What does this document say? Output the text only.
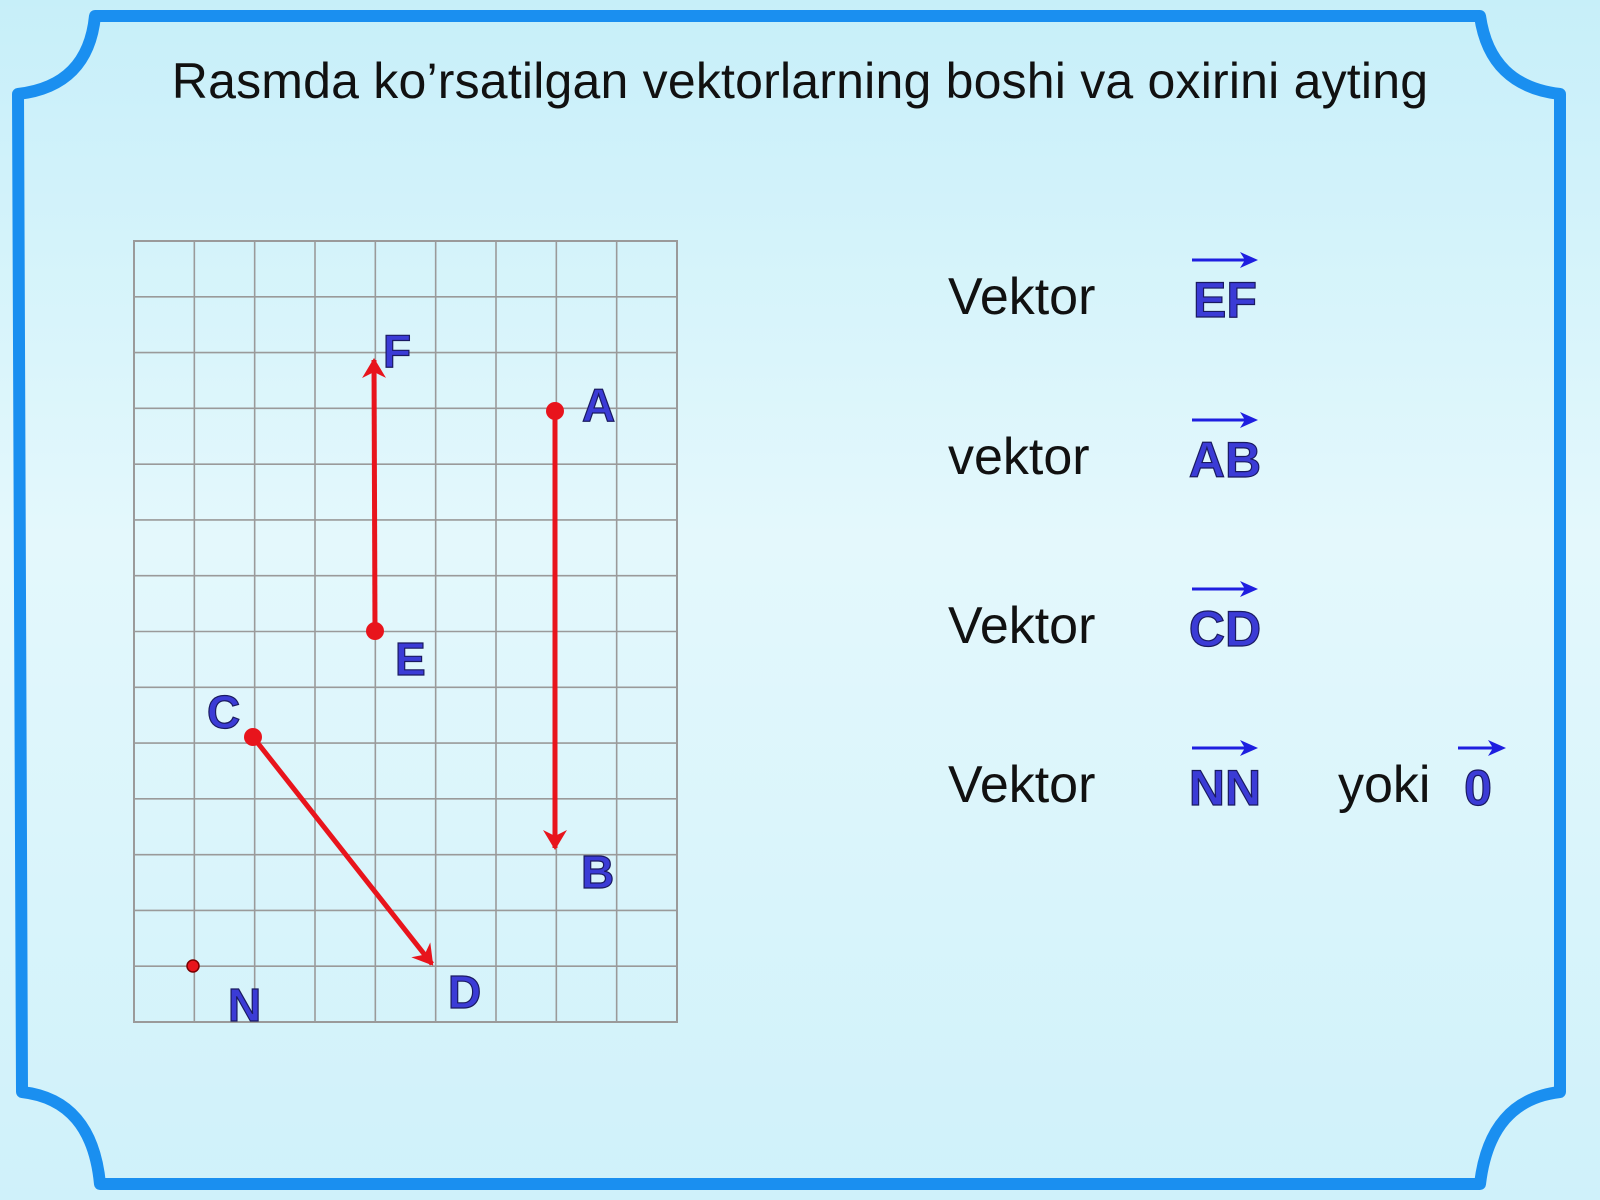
Rasmda ko’rsatilgan vektorlarning boshi va oxirini ayting
F
A
E
C
B
D
N
Vektor EF
vektor AB
Vektor CD
Vektor NN yoki 0
